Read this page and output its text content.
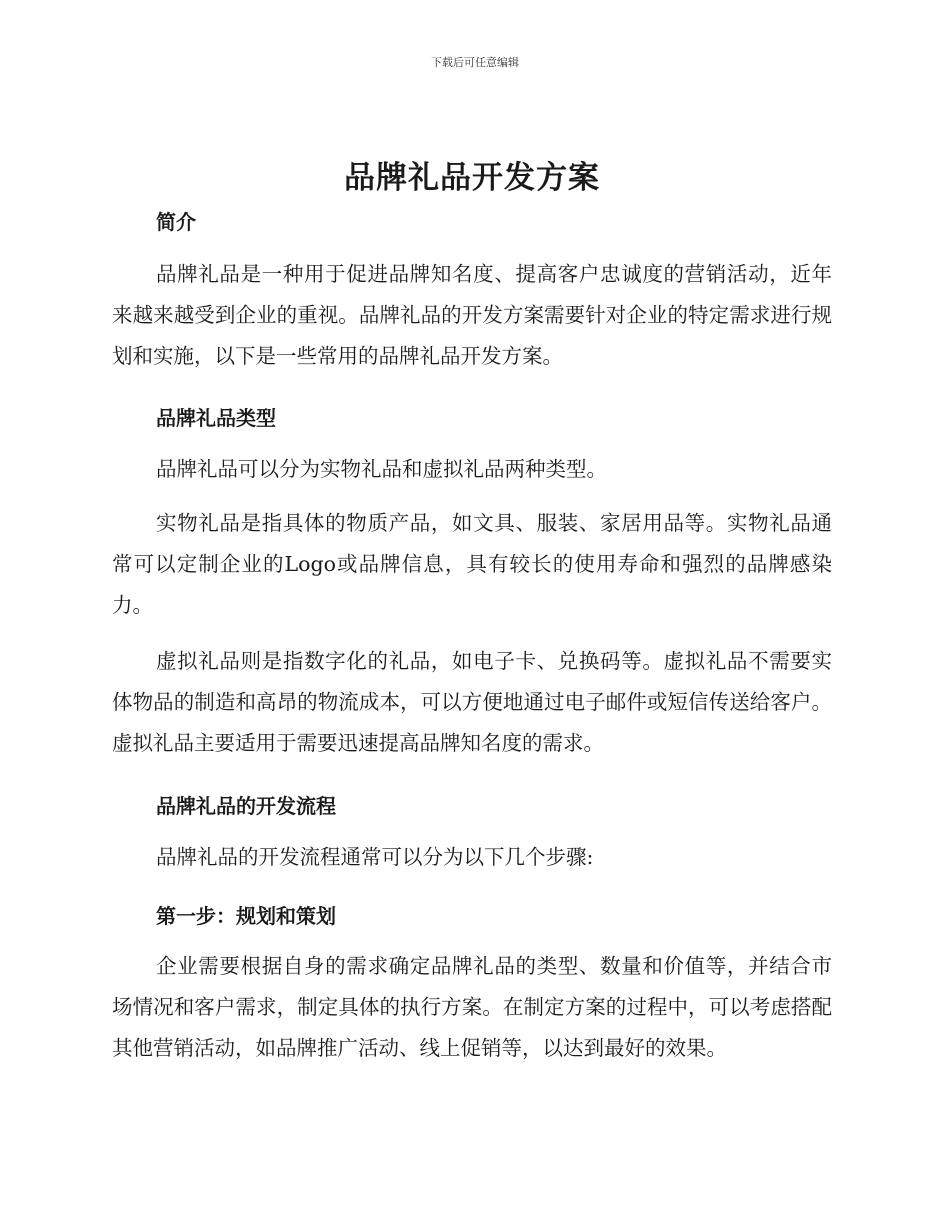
下载后可任意编辑
品牌礼品开发方案
简介

品牌礼品是一种用于促进品牌知名度、提高客户忠诚度的营销活动，近年来越来越受到企业的重视。品牌礼品的开发方案需要针对企业的特定需求进行规划和实施，以下是一些常用的品牌礼品开发方案。

品牌礼品类型

品牌礼品可以分为实物礼品和虚拟礼品两种类型。

实物礼品是指具体的物质产品，如文具、服装、家居用品等。实物礼品通常可以定制企业的Logo或品牌信息，具有较长的使用寿命和强烈的品牌感染力。

虚拟礼品则是指数字化的礼品，如电子卡、兑换码等。虚拟礼品不需要实体物品的制造和高昂的物流成本，可以方便地通过电子邮件或短信传送给客户。虚拟礼品主要适用于需要迅速提高品牌知名度的需求。

品牌礼品的开发流程

品牌礼品的开发流程通常可以分为以下几个步骤:

第一步：规划和策划

企业需要根据自身的需求确定品牌礼品的类型、数量和价值等，并结合市场情况和客户需求，制定具体的执行方案。在制定方案的过程中，可以考虑搭配其他营销活动，如品牌推广活动、线上促销等，以达到最好的效果。
